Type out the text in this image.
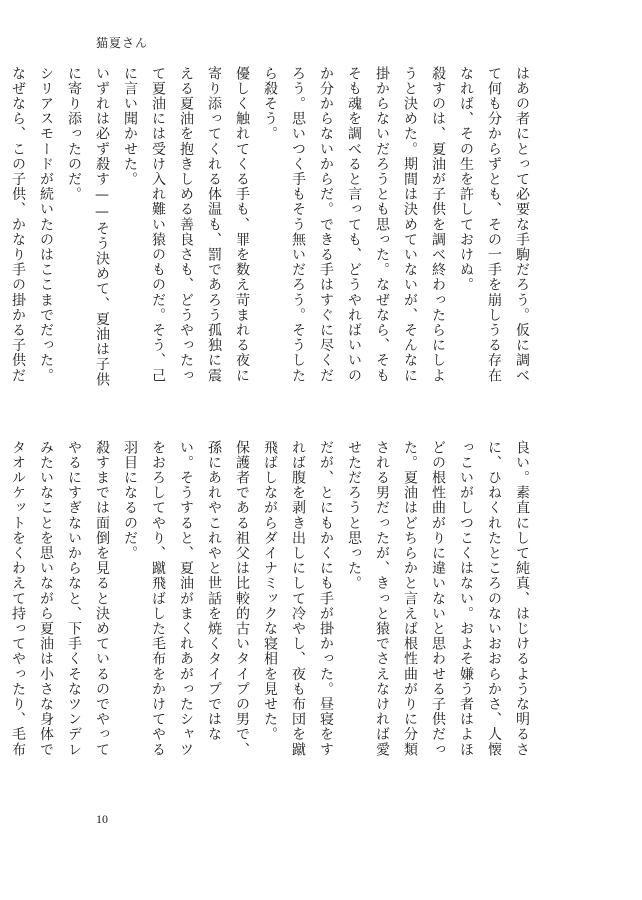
猫夏さん

はあの者にとって必要な手駒だろう。仮に調べて何も分からずとも、その一手を崩しうる存在なれば、その生を許しておけぬ。

殺すのは、夏油が子供を調べ終わったらにしようと決めた。期間は決めていないが、そんなに掛からないだろうとも思った。なぜなら、そもそも魂を調べると言っても、どうやればいいのか分からないからだ。できる手はすぐに尽くだろう。思いつく手もそう無いだろう。そうしたら殺そう。

優しく触れてくる手も、罪を数え苛まれる夜に寄り添ってくれる体温も、罰であろう孤独に震える夏油を抱きしめる善良さも、どうやったって夏油には受け入れ難い猿のものだ。そう、己に言い聞かせた。

いずれは必ず殺す——そう決めて、夏油は子供に寄り添ったのだ。

シリアスモードが続いたのはここまでだった。

なぜなら、この子供、かなり手の掛かる子供だ

良い。素直にして純真、はじけるような明るさに、ひねくれたところのないおおらかさ、人懐っこいがしつこくはない。およそ嫌う者はよほどの根性曲がりに違いないと思わせる子供だった。夏油はどちらかと言えば根性曲がりに分類される男だったが、きっと猿でさえなければ愛せただろうと思った。

だが、とにもかくにも手が掛かった。昼寝をすれば腹を剥き出しにして冷やし、夜も布団を蹴飛ばしながらダイナミックな寝相を見せた。

保護者である祖父は比較的古いタイプの男で、孫にあれやこれやと世話を焼くタイプではない。そうすると、夏油がまくれあがったシャツをおろしてやり、蹴飛ばした毛布をかけてやる羽目になるのだ。

殺すまでは面倒を見ると決めているのでやってやるにすぎないからなと、下手くそなツンデレみたいなことを思いながら夏油は小さな身体でタオルケットをくわえて持ってやったり、毛布

10
